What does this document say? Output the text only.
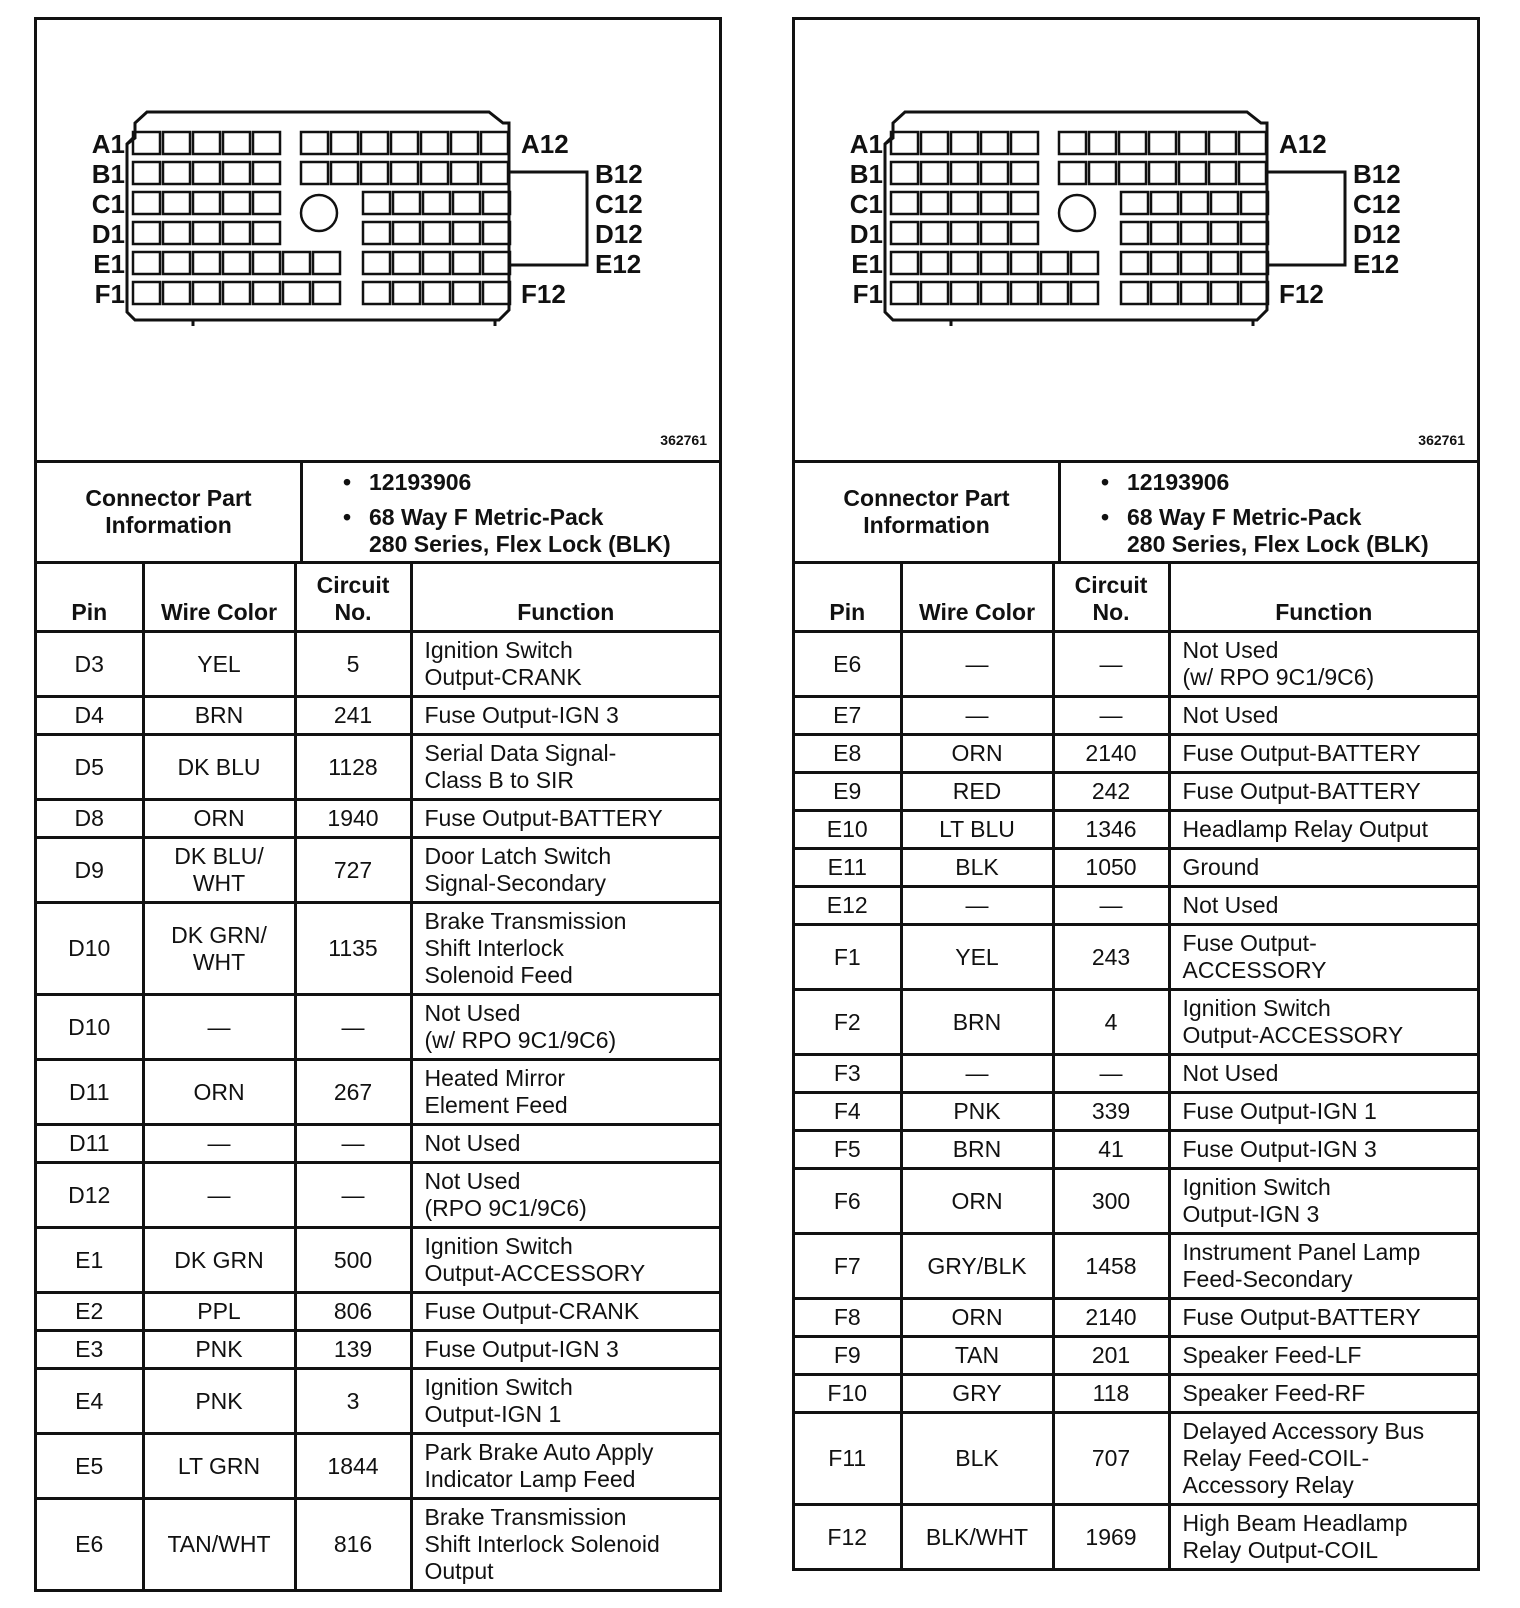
A1
B1
C1
D1
E1
F1
A12
B12
C12
D12
E12
F12
362761
Connector Part
Information
• 12193906
• 68 Way F Metric-Pack
280 Series, Flex Lock (BLK)
Pin	Wire Color	Circuit
No.	Function
D3	YEL	5	Ignition Switch
Output-CRANK

D4	BRN	241	Fuse Output-IGN 3

D5	DK BLU	1128	Serial Data Signal-
Class B to SIR

D8	ORN	1940	Fuse Output-BATTERY

D9	DK BLU/
WHT	727	Door Latch Switch
Signal-Secondary

D10	DK GRN/
WHT	1135	Brake Transmission
Shift Interlock
Solenoid Feed

D10	—	—	Not Used
(w/ RPO 9C1/9C6)

D11	ORN	267	Heated Mirror
Element Feed

D11	—	—	Not Used

D12	—	—	Not Used
(RPO 9C1/9C6)

E1	DK GRN	500	Ignition Switch
Output-ACCESSORY

E2	PPL	806	Fuse Output-CRANK

E3	PNK	139	Fuse Output-IGN 3

E4	PNK	3	Ignition Switch
Output-IGN 1

E5	LT GRN	1844	Park Brake Auto Apply
Indicator Lamp Feed

E6	TAN/WHT	816	Brake Transmission
Shift Interlock Solenoid
Output
A1
B1
C1
D1
E1
F1
A12
B12
C12
D12
E12
F12
362761
Connector Part
Information
• 12193906
• 68 Way F Metric-Pack
280 Series, Flex Lock (BLK)
Pin	Wire Color	Circuit
No.	Function
E6	—	—	Not Used
(w/ RPO 9C1/9C6)

E7	—	—	Not Used

E8	ORN	2140	Fuse Output-BATTERY

E9	RED	242	Fuse Output-BATTERY

E10	LT BLU	1346	Headlamp Relay Output

E11	BLK	1050	Ground

E12	—	—	Not Used

F1	YEL	243	Fuse Output-
ACCESSORY

F2	BRN	4	Ignition Switch
Output-ACCESSORY

F3	—	—	Not Used

F4	PNK	339	Fuse Output-IGN 1

F5	BRN	41	Fuse Output-IGN 3

F6	ORN	300	Ignition Switch
Output-IGN 3

F7	GRY/BLK	1458	Instrument Panel Lamp
Feed-Secondary

F8	ORN	2140	Fuse Output-BATTERY

F9	TAN	201	Speaker Feed-LF

F10	GRY	118	Speaker Feed-RF

F11	BLK	707	Delayed Accessory Bus
Relay Feed-COIL-
Accessory Relay

F12	BLK/WHT	1969	High Beam Headlamp
Relay Output-COIL
